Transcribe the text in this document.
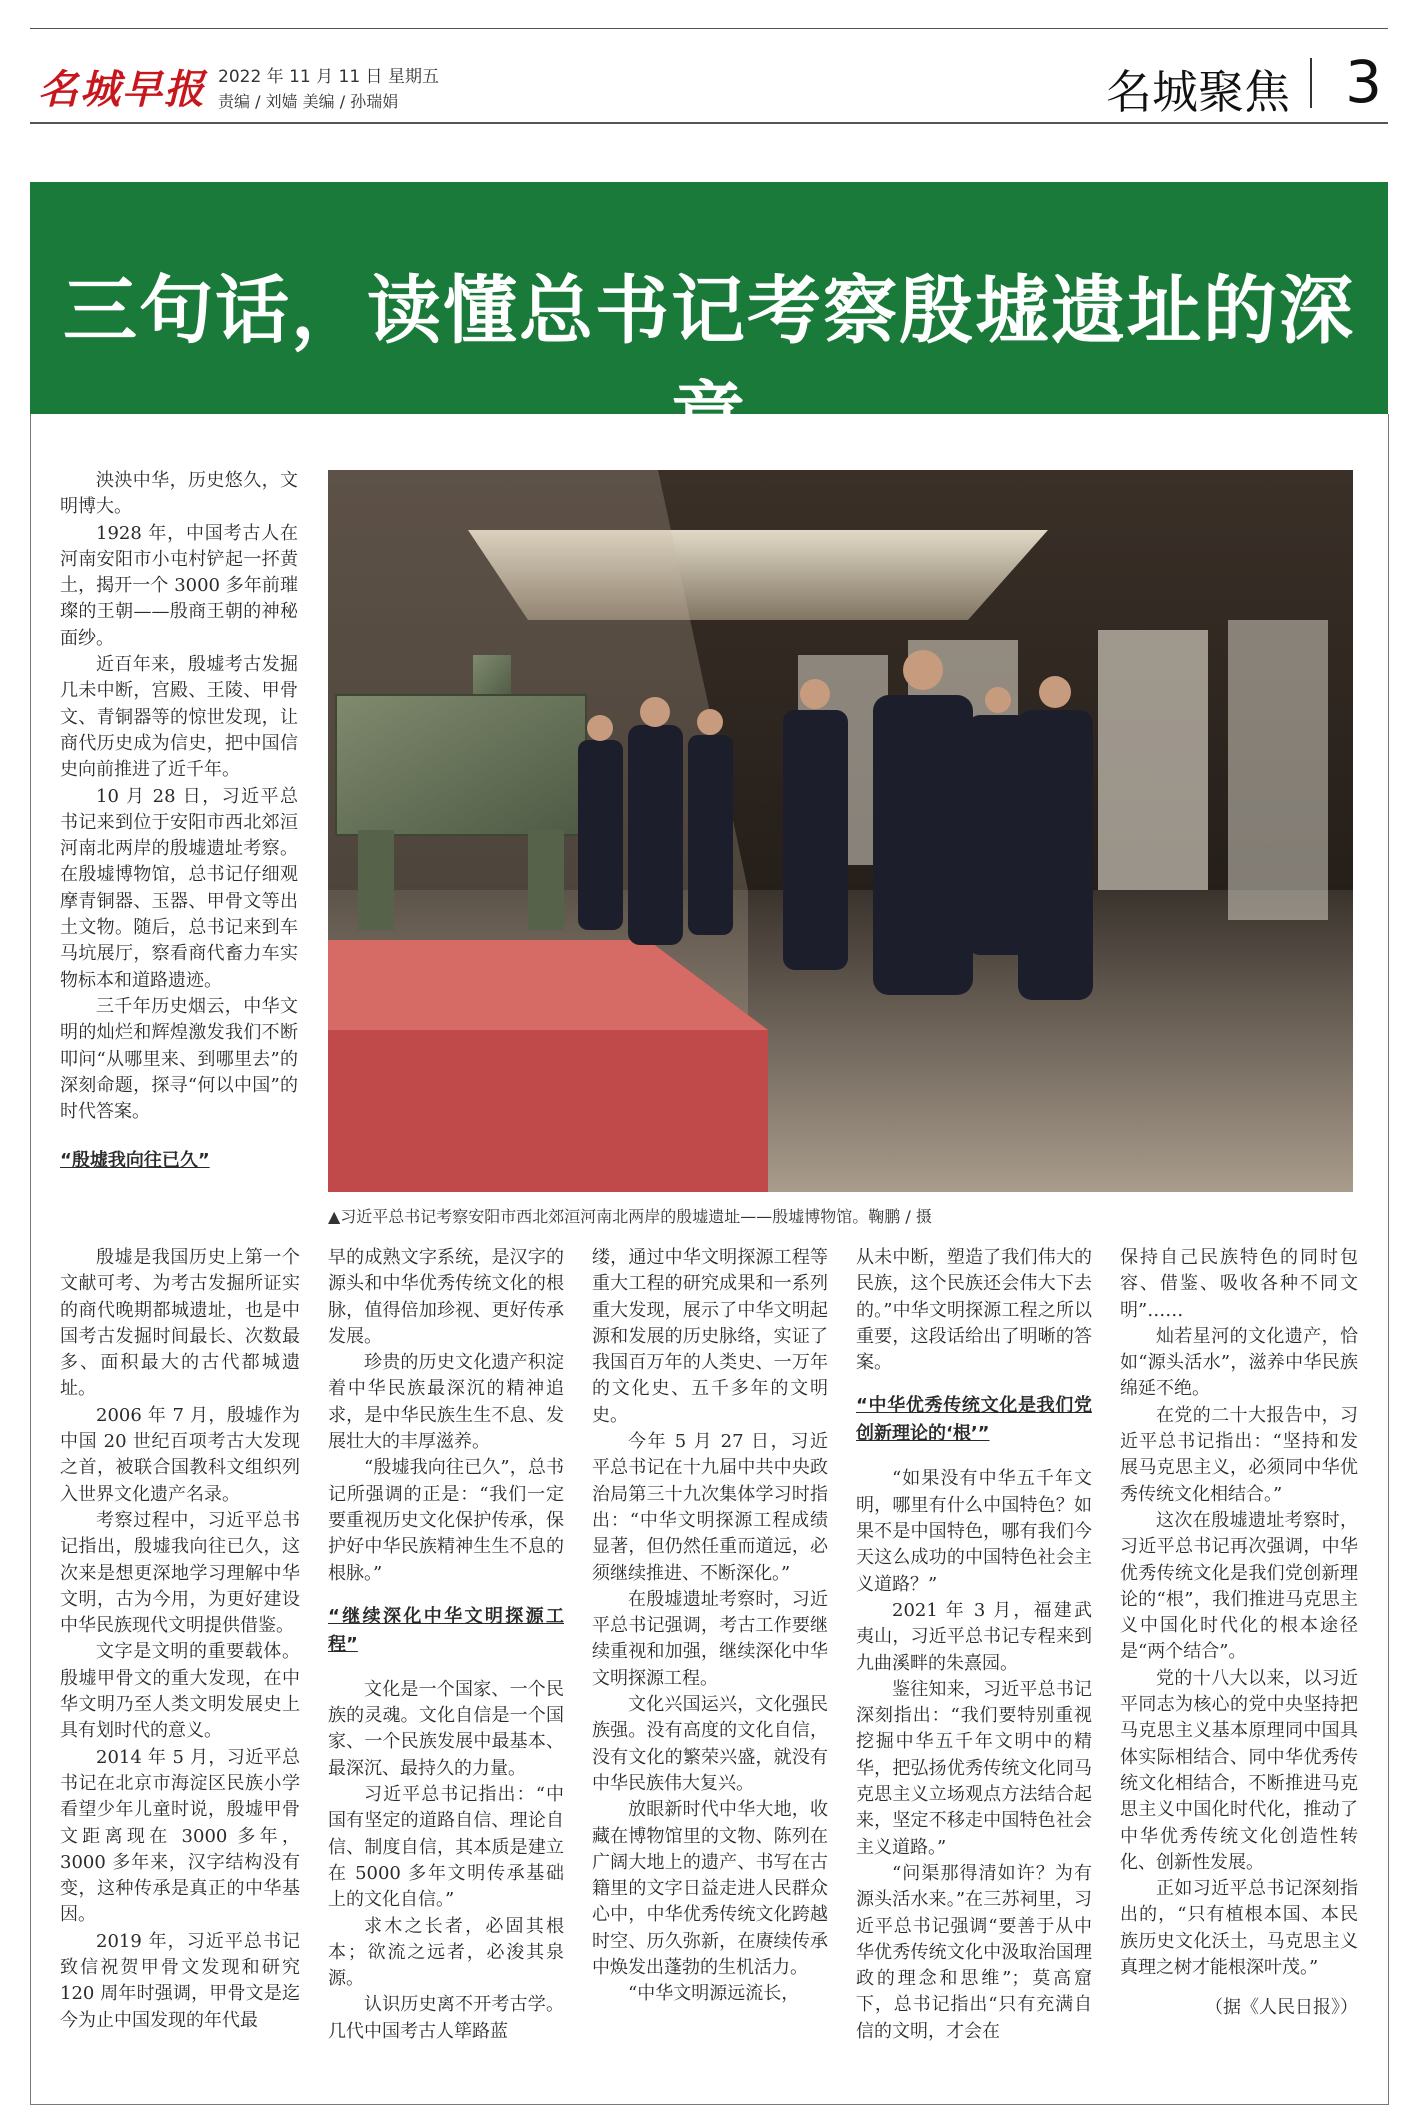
名城早报 2022 年 11 月 11 日 星期五
责编 / 刘嫱 美编 / 孙瑞娟	名城聚焦 3
三句话，读懂总书记考察殷墟遗址的深意

泱泱中华，历史悠久，文明博大。

1928 年，中国考古人在河南安阳市小屯村铲起一抔黄土，揭开一个 3000 多年前璀璨的王朝——殷商王朝的神秘面纱。

近百年来，殷墟考古发掘几未中断，宫殿、王陵、甲骨文、青铜器等的惊世发现，让商代历史成为信史，把中国信史向前推进了近千年。

10 月 28 日，习近平总书记来到位于安阳市西北郊洹河南北两岸的殷墟遗址考察。在殷墟博物馆，总书记仔细观摩青铜器、玉器、甲骨文等出土文物。随后，总书记来到车马坑展厅，察看商代畜力车实物标本和道路遗迹。

三千年历史烟云，中华文明的灿烂和辉煌激发我们不断叩问“从哪里来、到哪里去”的深刻命题，探寻“何以中国”的时代答案。

“殷墟我向往已久”

▲习近平总书记考察安阳市西北郊洹河南北两岸的殷墟遗址——殷墟博物馆。鞠鹏 / 摄

殷墟是我国历史上第一个文献可考、为考古发掘所证实的商代晚期都城遗址，也是中国考古发掘时间最长、次数最多、面积最大的古代都城遗址。

2006 年 7 月，殷墟作为中国 20 世纪百项考古大发现之首，被联合国教科文组织列入世界文化遗产名录。

考察过程中，习近平总书记指出，殷墟我向往已久，这次来是想更深地学习理解中华文明，古为今用，为更好建设中华民族现代文明提供借鉴。

文字是文明的重要载体。殷墟甲骨文的重大发现，在中华文明乃至人类文明发展史上具有划时代的意义。

2014 年 5 月，习近平总书记在北京市海淀区民族小学看望少年儿童时说，殷墟甲骨文距离现在 3000 多年，3000 多年来，汉字结构没有变，这种传承是真正的中华基因。

2019 年，习近平总书记致信祝贺甲骨文发现和研究 120 周年时强调，甲骨文是迄今为止中国发现的年代最

早的成熟文字系统，是汉字的源头和中华优秀传统文化的根脉，值得倍加珍视、更好传承发展。

珍贵的历史文化遗产积淀着中华民族最深沉的精神追求，是中华民族生生不息、发展壮大的丰厚滋养。

“殷墟我向往已久”，总书记所强调的正是：“我们一定要重视历史文化保护传承，保护好中华民族精神生生不息的根脉。”

“继续深化中华文明探源工程”

文化是一个国家、一个民族的灵魂。文化自信是一个国家、一个民族发展中最基本、最深沉、最持久的力量。

习近平总书记指出：“中国有坚定的道路自信、理论自信、制度自信，其本质是建立在 5000 多年文明传承基础上的文化自信。”

求木之长者，必固其根本；欲流之远者，必浚其泉源。

认识历史离不开考古学。几代中国考古人筚路蓝

缕，通过中华文明探源工程等重大工程的研究成果和一系列重大发现，展示了中华文明起源和发展的历史脉络，实证了我国百万年的人类史、一万年的文化史、五千多年的文明史。

今年 5 月 27 日，习近平总书记在十九届中共中央政治局第三十九次集体学习时指出：“中华文明探源工程成绩显著，但仍然任重而道远，必须继续推进、不断深化。”

在殷墟遗址考察时，习近平总书记强调，考古工作要继续重视和加强，继续深化中华文明探源工程。

文化兴国运兴，文化强民族强。没有高度的文化自信，没有文化的繁荣兴盛，就没有中华民族伟大复兴。

放眼新时代中华大地，收藏在博物馆里的文物、陈列在广阔大地上的遗产、书写在古籍里的文字日益走进人民群众心中，中华优秀传统文化跨越时空、历久弥新，在赓续传承中焕发出蓬勃的生机活力。

“中华文明源远流长，

从未中断，塑造了我们伟大的民族，这个民族还会伟大下去的。”中华文明探源工程之所以重要，这段话给出了明晰的答案。

“中华优秀传统文化是我们党创新理论的‘根’”

“如果没有中华五千年文明，哪里有什么中国特色？如果不是中国特色，哪有我们今天这么成功的中国特色社会主义道路？”

2021 年 3 月，福建武夷山，习近平总书记专程来到九曲溪畔的朱熹园。

鉴往知来，习近平总书记深刻指出：“我们要特别重视挖掘中华五千年文明中的精华，把弘扬优秀传统文化同马克思主义立场观点方法结合起来，坚定不移走中国特色社会主义道路。”

“问渠那得清如许？为有源头活水来。”在三苏祠里，习近平总书记强调“要善于从中华优秀传统文化中汲取治国理政的理念和思维”；莫高窟下，总书记指出“只有充满自信的文明，才会在

保持自己民族特色的同时包容、借鉴、吸收各种不同文明”……

灿若星河的文化遗产，恰如“源头活水”，滋养中华民族绵延不绝。

在党的二十大报告中，习近平总书记指出：“坚持和发展马克思主义，必须同中华优秀传统文化相结合。”

这次在殷墟遗址考察时，习近平总书记再次强调，中华优秀传统文化是我们党创新理论的“根”，我们推进马克思主义中国化时代化的根本途径是“两个结合”。

党的十八大以来，以习近平同志为核心的党中央坚持把马克思主义基本原理同中国具体实际相结合、同中华优秀传统文化相结合，不断推进马克思主义中国化时代化，推动了中华优秀传统文化创造性转化、创新性发展。

正如习近平总书记深刻指出的，“只有植根本国、本民族历史文化沃土，马克思主义真理之树才能根深叶茂。”

（据《人民日报》）
